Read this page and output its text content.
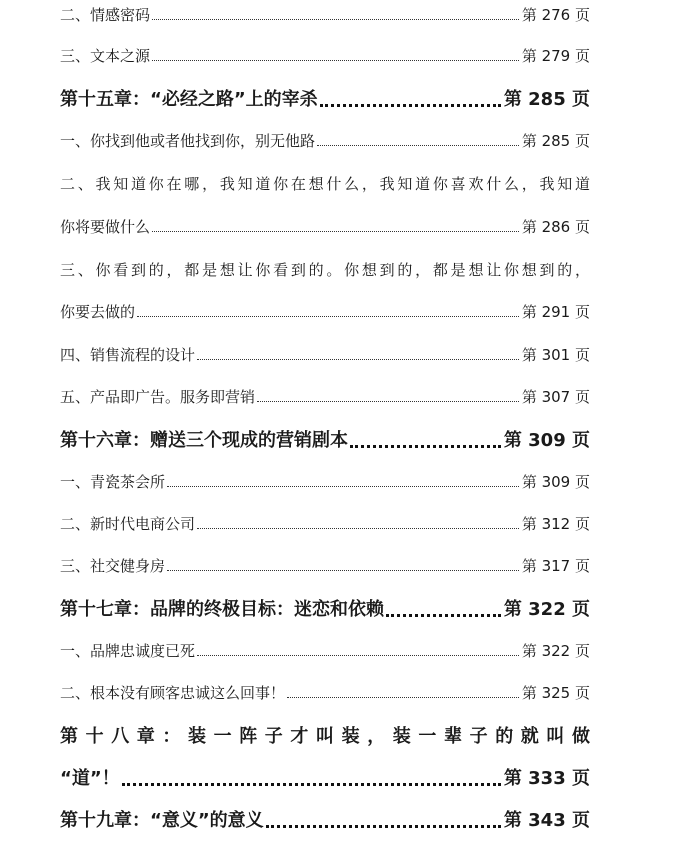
二、情感密码	第 276 页
三、文本之源	第 279 页
第十五章：“必经之路”上的宰杀	第 285 页
一、你找到他或者他找到你，别无他路	第 285 页
二、我知道你在哪，我知道你在想什么，我知道你喜欢什么，我知道
你将要做什么	第 286 页
三、你看到的，都是想让你看到的。你想到的，都是想让你想到的，
你要去做的	第 291 页
四、销售流程的设计	第 301 页
五、产品即广告。服务即营销	第 307 页
第十六章：赠送三个现成的营销剧本	第 309 页
一、青瓷茶会所	第 309 页
二、新时代电商公司	第 312 页
三、社交健身房	第 317 页
第十七章：品牌的终极目标：迷恋和依赖	第 322 页
一、品牌忠诚度已死	第 322 页
二、根本没有顾客忠诚这么回事！	第 325 页
第十八章：装一阵子才叫装，装一辈子的就叫做
“道”！	第 333 页
第十九章：“意义”的意义	第 343 页
